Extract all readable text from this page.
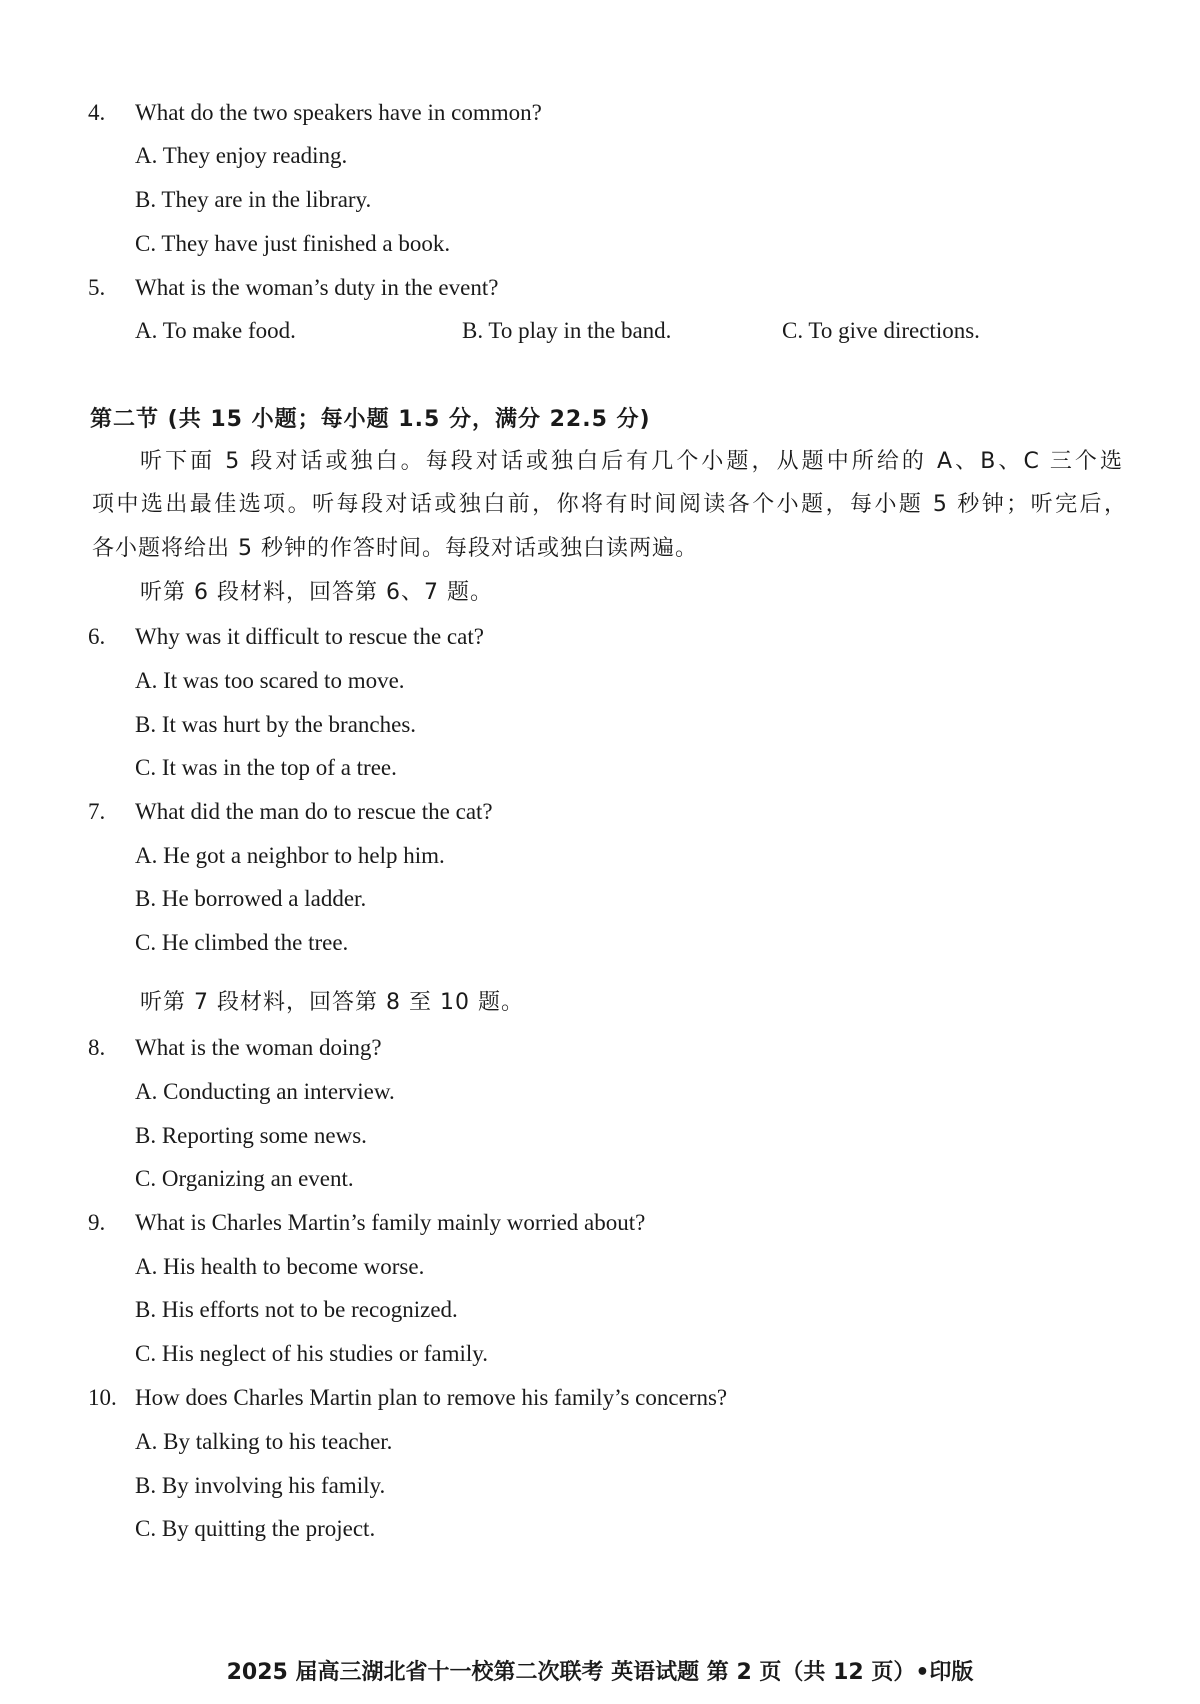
4. What do the two speakers have in common?
A. They enjoy reading.
B. They are in the library.
C. They have just finished a book.
5. What is the woman’s duty in the event?
A. To make food.	B. To play in the band.	C. To give directions.
第二节 (共 15 小题；每小题 1.5 分，满分 22.5 分)
听下面 5 段对话或独白。每段对话或独白后有几个小题，从题中所给的 A、B、C 三个选
项中选出最佳选项。听每段对话或独白前，你将有时间阅读各个小题，每小题 5 秒钟；听完后，
各小题将给出 5 秒钟的作答时间。每段对话或独白读两遍。
听第 6 段材料，回答第 6、7 题。
6. Why was it difficult to rescue the cat?
A. It was too scared to move.
B. It was hurt by the branches.
C. It was in the top of a tree.
7. What did the man do to rescue the cat?
A. He got a neighbor to help him.
B. He borrowed a ladder.
C. He climbed the tree.
听第 7 段材料，回答第 8 至 10 题。
8. What is the woman doing?
A. Conducting an interview.
B. Reporting some news.
C. Organizing an event.
9. What is Charles Martin’s family mainly worried about?
A. His health to become worse.
B. His efforts not to be recognized.
C. His neglect of his studies or family.
10. How does Charles Martin plan to remove his family’s concerns?
A. By talking to his teacher.
B. By involving his family.
C. By quitting the project.
2025 届高三湖北省十一校第二次联考 英语试题 第 2 页（共 12 页）•印版
